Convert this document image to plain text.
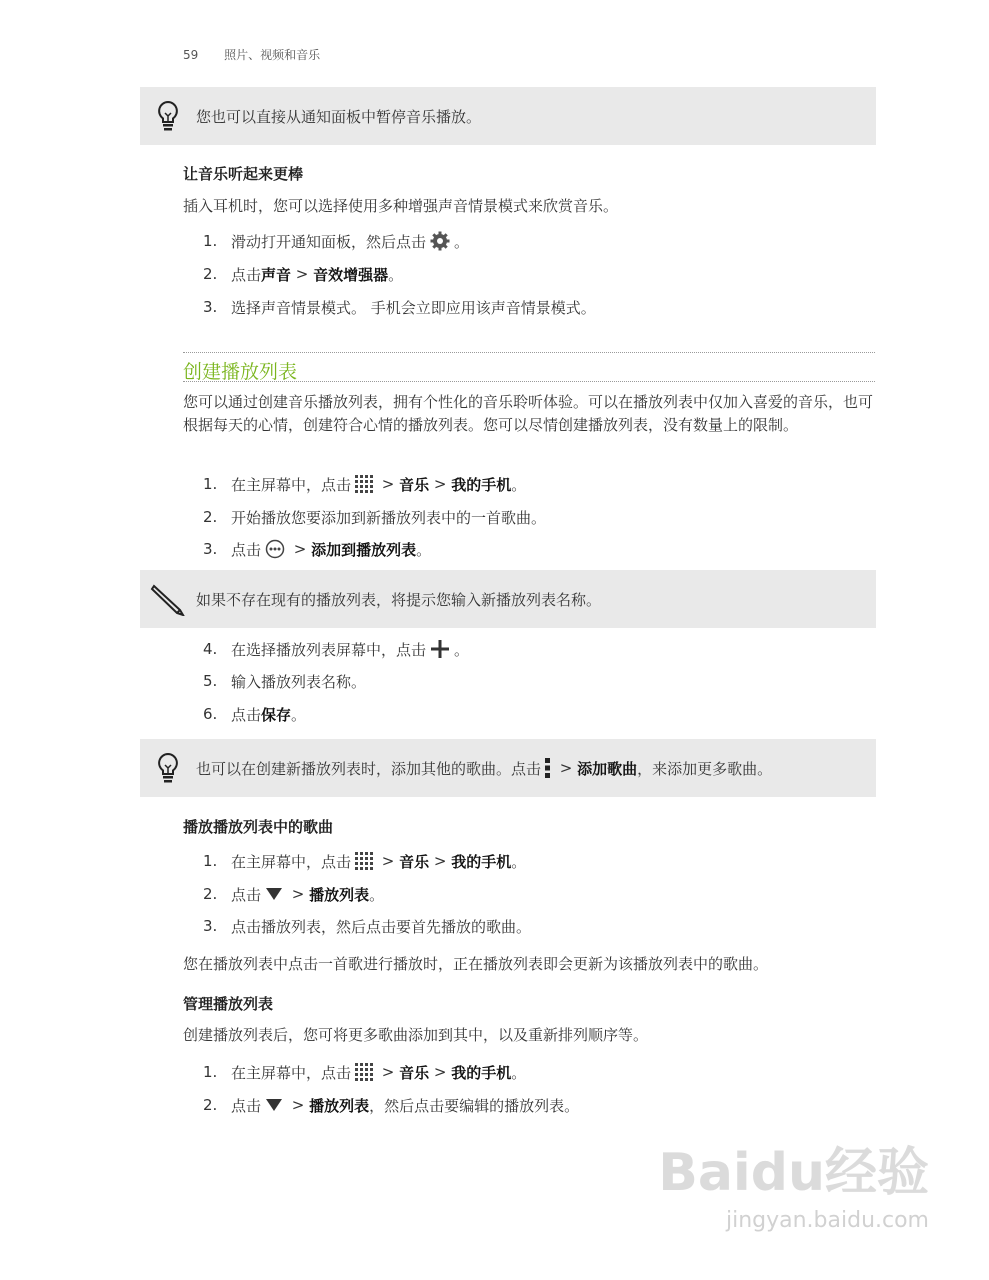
59 照片、视频和音乐
您也可以直接从通知面板中暂停音乐播放。
让音乐听起来更棒
插入耳机时，您可以选择使用多种增强声音情景模式来欣赏音乐。
1. 滑动打开通知面板，然后点击 。
2. 点击 声音 > 音效增强器 。
3. 选择声音情景模式。 手机会立即应用该声音情景模式。
创建播放列表
您可以通过创建音乐播放列表，拥有个性化的音乐聆听体验。可以在播放列表中仅加入喜爱的音乐，也可根据每天的心情，创建符合心情的播放列表。您可以尽情创建播放列表，没有数量上的限制。
1. 在主屏幕中，点击 > 音乐 > 我的手机 。
2. 开始播放您要添加到新播放列表中的一首歌曲。
3. 点击 > 添加到播放列表 。
如果不存在现有的播放列表，将提示您输入新播放列表名称。
4. 在选择播放列表屏幕中，点击 。
5. 输入播放列表名称。
6. 点击 保存 。
也可以在创建新播放列表时，添加其他的歌曲。点击 > 添加歌曲 ，来添加更多歌曲。
播放播放列表中的歌曲
1. 在主屏幕中，点击 > 音乐 > 我的手机 。
2. 点击 > 播放列表 。
3. 点击播放列表，然后点击要首先播放的歌曲。
您在播放列表中点击一首歌进行播放时，正在播放列表即会更新为该播放列表中的歌曲。
管理播放列表
创建播放列表后，您可将更多歌曲添加到其中，以及重新排列顺序等。
1. 在主屏幕中，点击 > 音乐 > 我的手机 。
2. 点击 > 播放列表 ，然后点击要编辑的播放列表。
Baidu经验
jingyan.baidu.com
